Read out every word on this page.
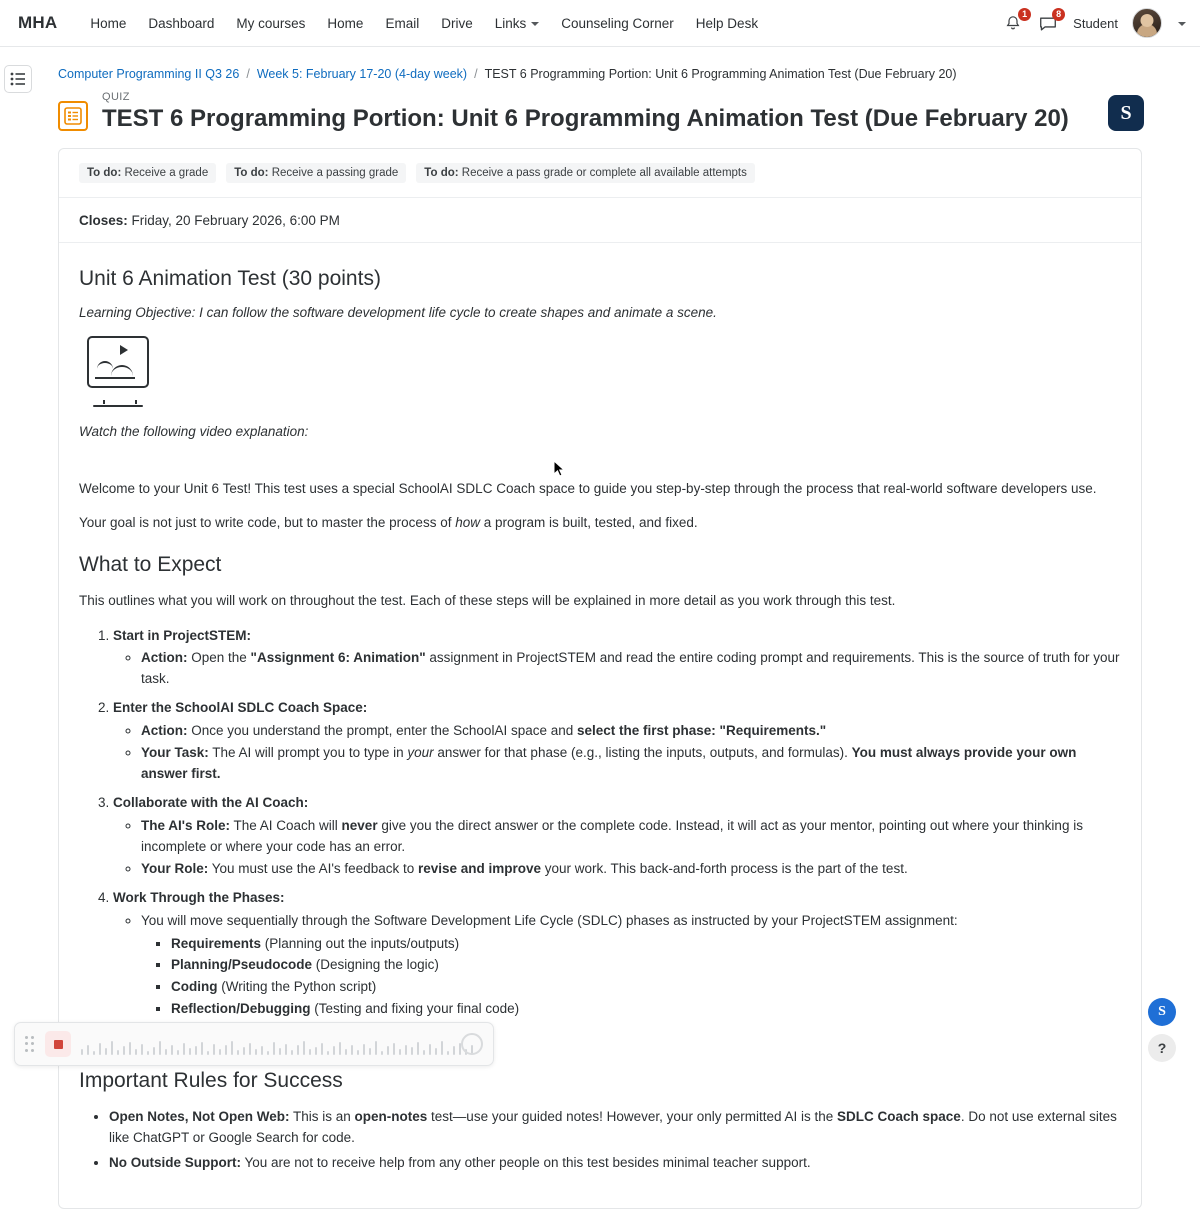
MHA Home Dashboard My courses Home Email Drive Links	Counseling Corner Help Desk
1	8
Student
Computer Programming II Q3 26 / Week 5: February 17-20 (4-day week) / TEST 6 Programming Portion: Unit 6 Programming Animation Test (Due February 20)
S
QUIZ
TEST 6 Programming Portion: Unit 6 Programming Animation Test (Due February 20)
To do: Receive a grade	To do: Receive a passing grade	To do: Receive a pass grade or complete all available attempts
Closes: Friday, 20 February 2026, 6:00 PM
Unit 6 Animation Test (30 points)
Learning Objective: I can follow the software development life cycle to create shapes and animate a scene.
Watch the following video explanation:

Welcome to your Unit 6 Test! This test uses a special SchoolAI SDLC Coach space to guide you step-by-step through the process that real-world software developers use.

Your goal is not just to write code, but to master the process of how a program is built, tested, and fixed.

What to Expect

This outlines what you will work on throughout the test. Each of these steps will be explained in more detail as you work through this test.

1. Start in ProjectSTEM:
◦ Action: Open the "Assignment 6: Animation" assignment in ProjectSTEM and read the entire coding prompt and requirements. This is the source of truth for your task.
2. Enter the SchoolAI SDLC Coach Space:
◦ Action: Once you understand the prompt, enter the SchoolAI space and select the first phase: "Requirements."
◦ Your Task: The AI will prompt you to type in your answer for that phase (e.g., listing the inputs, outputs, and formulas). You must always provide your own answer first.
3. Collaborate with the AI Coach:
◦ The AI's Role: The AI Coach will never give you the direct answer or the complete code. Instead, it will act as your mentor, pointing out where your thinking is incomplete or where your code has an error.
◦ Your Role: You must use the AI's feedback to revise and improve your work. This back-and-forth process is the part of the test.
4. Work Through the Phases:
◦ You will move sequentially through the Software Development Life Cycle (SDLC) phases as instructed by your ProjectSTEM assignment:
▪ Requirements (Planning out the inputs/outputs)
▪ Planning/Pseudocode (Designing the logic)
▪ Coding (Writing the Python script)
▪ Reflection/Debugging (Testing and fixing your final code)
◦
Important Rules for Success
• Open Notes, Not Open Web: This is an open-notes test—use your guided notes! However, your only permitted AI is the SDLC Coach space. Do not use external sites like ChatGPT or Google Search for code.
• No Outside Support: You are not to receive help from any other people on this test besides minimal teacher support.
S
?
